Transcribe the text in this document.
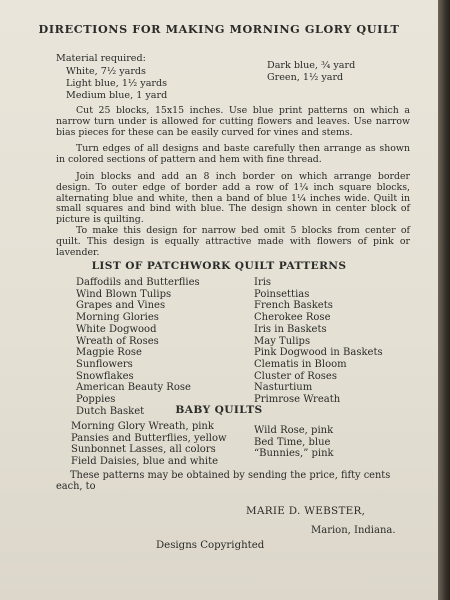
DIRECTIONS FOR MAKING MORNING GLORY QUILT
Material required:
White, 7½ yards
Light blue, 1½ yards
Medium blue, 1 yard
Dark blue, ¾ yard
Green, 1½ yard
Cut 25 blocks, 15x15 inches. Use blue print patterns on which a narrow turn under is allowed for cutting flowers and leaves. Use narrow bias pieces for these can be easily curved for vines and stems.
Turn edges of all designs and baste carefully then arrange as shown in colored sections of pattern and hem with fine thread.
Join blocks and add an 8 inch border on which arrange border design. To outer edge of border add a row of 1¼ inch square blocks, alternating blue and white, then a band of blue 1¼ inches wide. Quilt in small squares and bind with blue. The design shown in center block of picture is quilting.
To make this design for narrow bed omit 5 blocks from center of quilt. This design is equally attractive made with flowers of pink or lavender.
LIST OF PATCHWORK QUILT PATTERNS
Daffodils and Butterflies
Wind Blown Tulips
Grapes and Vines
Morning Glories
White Dogwood
Wreath of Roses
Magpie Rose
Sunflowers
Snowflakes
American Beauty Rose
Poppies
Dutch Basket
Iris
Poinsettias
French Baskets
Cherokee Rose
Iris in Baskets
May Tulips
Pink Dogwood in Baskets
Clematis in Bloom
Cluster of Roses
Nasturtium
Primrose Wreath
BABY QUILTS
Morning Glory Wreath, pink
Pansies and Butterflies, yellow
Sunbonnet Lasses, all colors
Field Daisies, blue and white
Wild Rose, pink
Bed Time, blue
“Bunnies,” pink
These patterns may be obtained by sending the price, fifty cents
each, to
MARIE D. WEBSTER,
Marion, Indiana.
Designs Copyrighted
